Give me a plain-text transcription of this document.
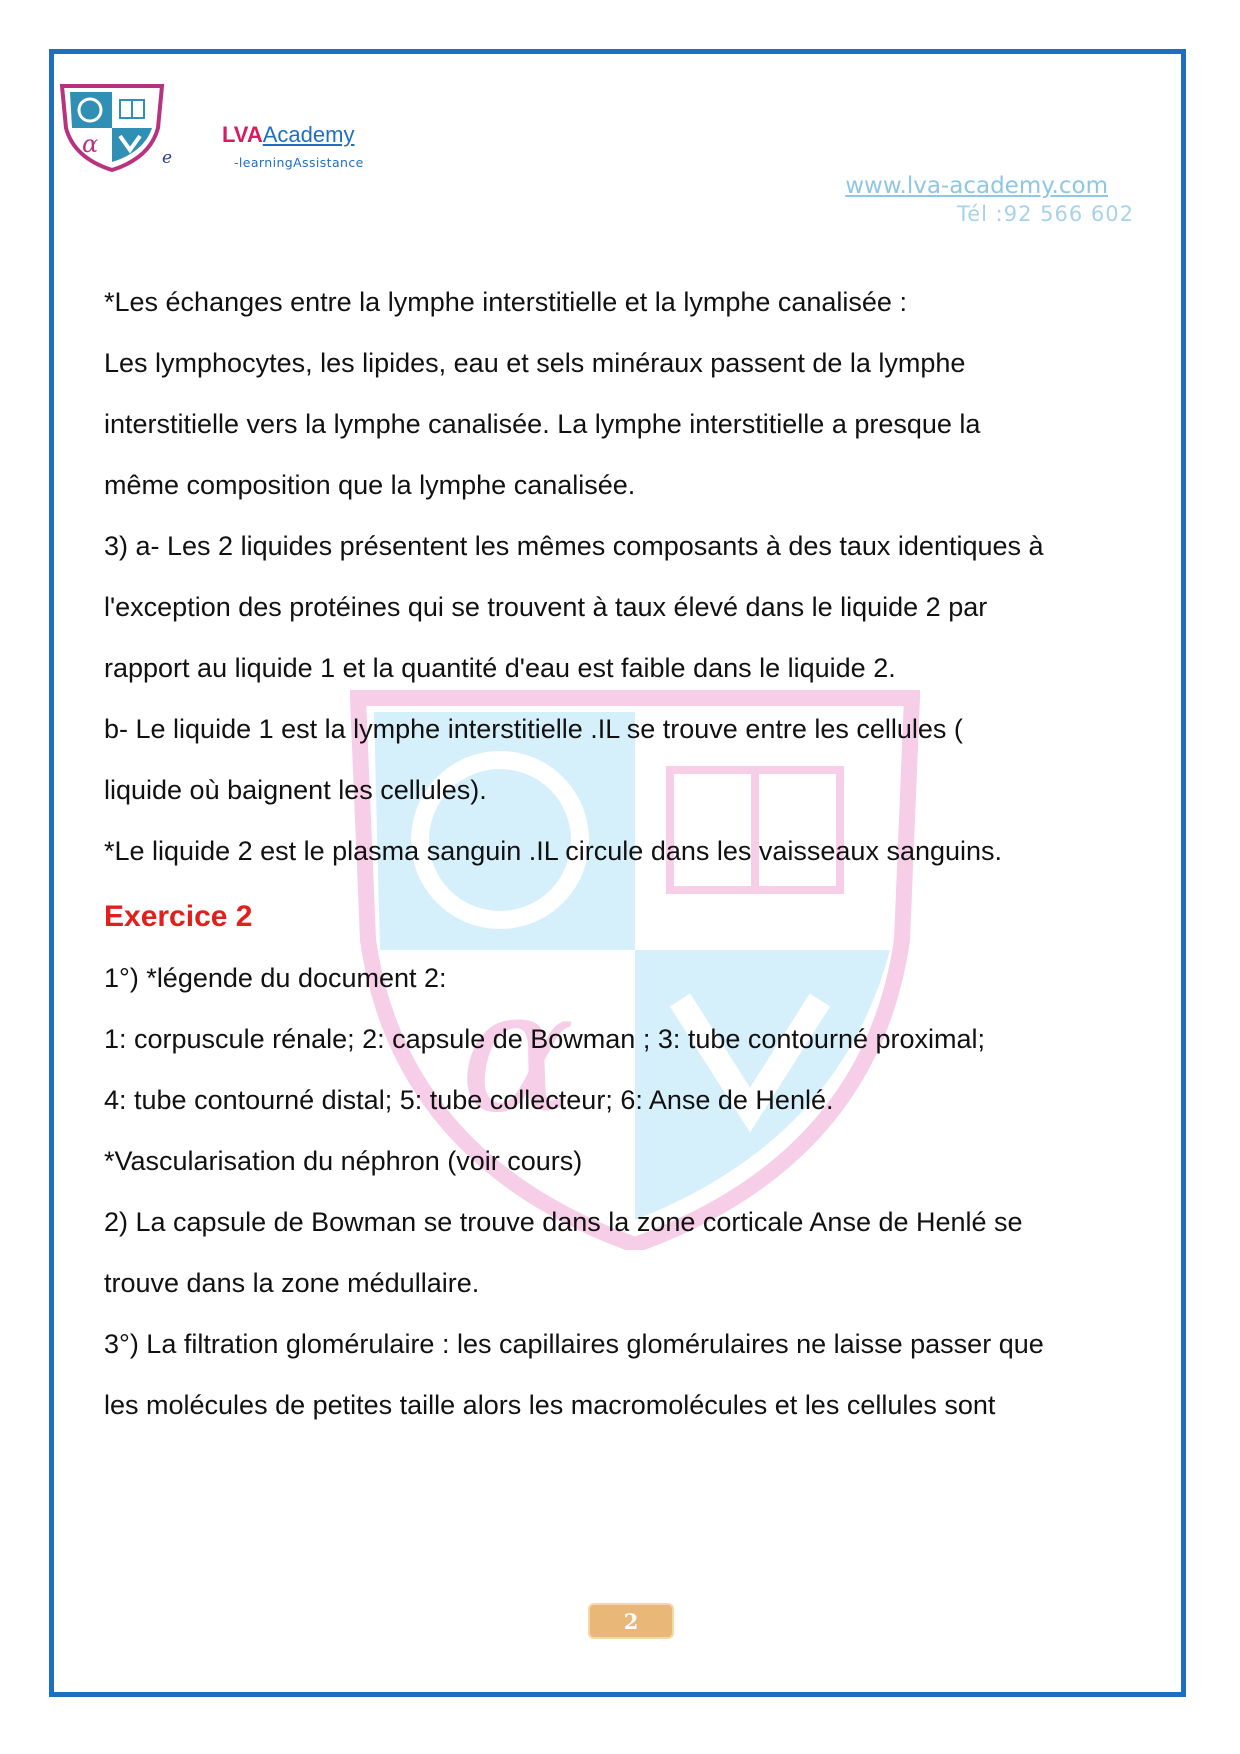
α	e
LVAAcademy
-learningAssistance
www.lva-academy.com
Tél :92 566 602
α
*Les échanges entre la lymphe interstitielle et la lymphe canalisée :
Les lymphocytes, les lipides, eau et sels minéraux passent de la lymphe
interstitielle vers la lymphe canalisée. La lymphe interstitielle a presque la
même composition que la lymphe canalisée.
3) a- Les 2 liquides présentent les mêmes composants à des taux identiques à
l'exception des protéines qui se trouvent à taux élevé dans le liquide 2 par
rapport au liquide 1 et la quantité d'eau est faible dans le liquide 2.
b- Le liquide 1 est la lymphe interstitielle .IL se trouve entre les cellules (
liquide où baignent les cellules).
*Le liquide 2 est le plasma sanguin .IL circule dans les vaisseaux sanguins.
Exercice 2
1°) *légende du document 2:
1: corpuscule rénale; 2: capsule de Bowman ; 3: tube contourné proximal;
4: tube contourné distal; 5: tube collecteur; 6: Anse de Henlé.
*Vascularisation du néphron (voir cours)
2) La capsule de Bowman se trouve dans la zone corticale Anse de Henlé se
trouve dans la zone médullaire.
3°) La filtration glomérulaire : les capillaires glomérulaires ne laisse passer que
les molécules de petites taille alors les macromolécules et les cellules sont
2
